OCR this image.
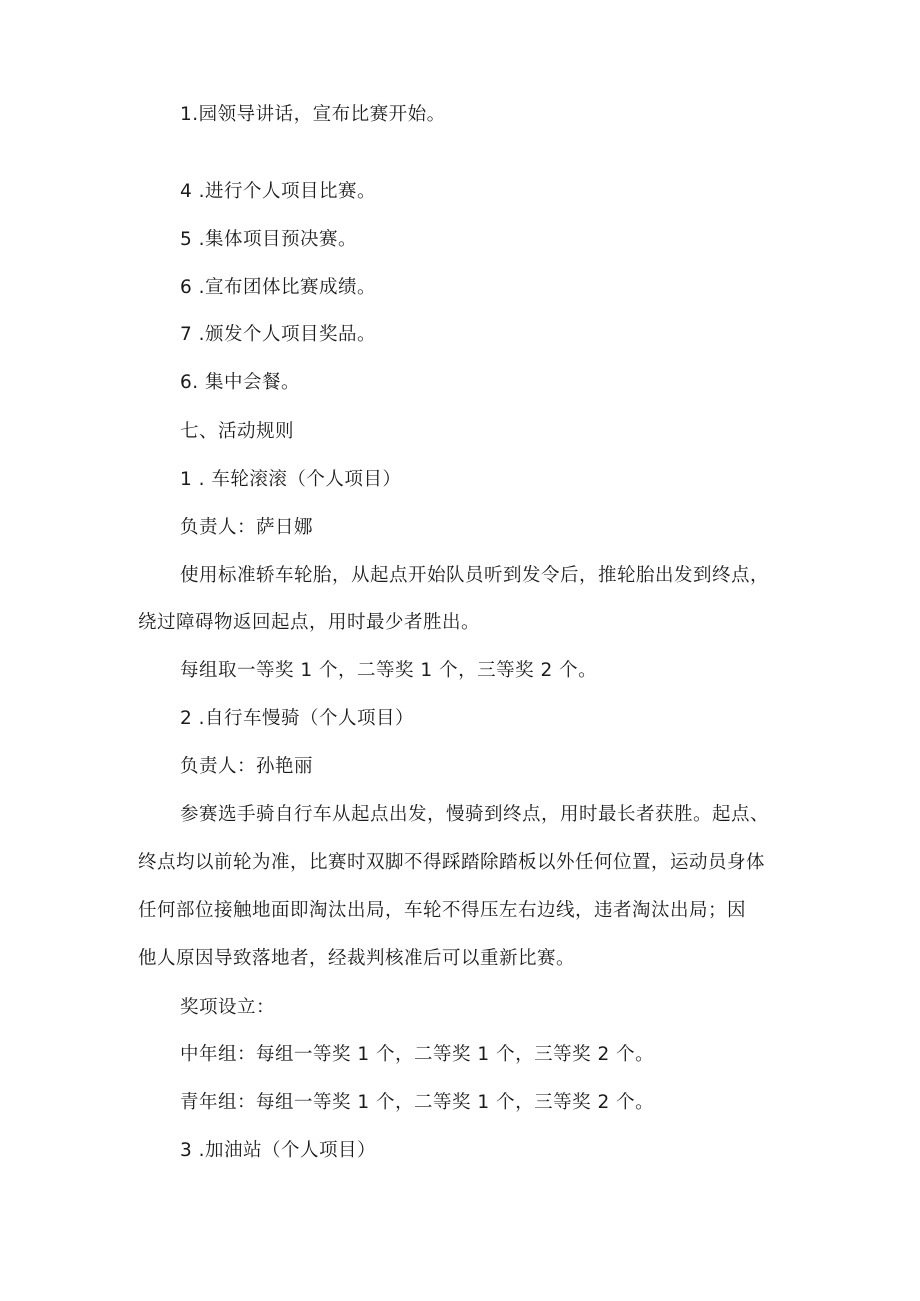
1.园领导讲话，宣布比赛开始。
4 .进行个人项目比赛。
5 .集体项目预决赛。
6 .宣布团体比赛成绩。
7 .颁发个人项目奖品。
6. 集中会餐。
七、活动规则
1 . 车轮滚滚（个人项目）
负责人：萨日娜
使用标准轿车轮胎，从起点开始队员听到发令后，推轮胎出发到终点，
绕过障碍物返回起点，用时最少者胜出。
每组取一等奖 1 个，二等奖 1 个，三等奖 2 个。
2 .自行车慢骑（个人项目）
负责人：孙艳丽
参赛选手骑自行车从起点出发，慢骑到终点，用时最长者获胜。起点、
终点均以前轮为准，比赛时双脚不得踩踏除踏板以外任何位置，运动员身体
任何部位接触地面即淘汰出局，车轮不得压左右边线，违者淘汰出局；因
他人原因导致落地者，经裁判核准后可以重新比赛。
奖项设立：
中年组：每组一等奖 1 个，二等奖 1 个，三等奖 2 个。
青年组：每组一等奖 1 个，二等奖 1 个，三等奖 2 个。
3 .加油站（个人项目）
